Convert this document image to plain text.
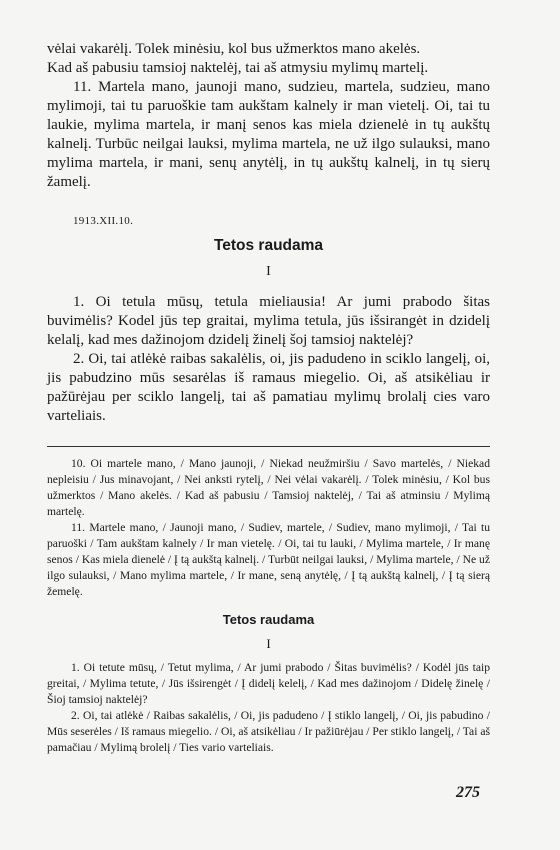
vėlai vakarėlį. Tolek minėsiu, kol bus užmerktos mano akelės.

Kad aš pabusiu tamsioj naktelėj, tai aš atmysiu mylimų martelį.

11. Martela mano, jaunoji mano, sudzieu, martela, sudzieu, mano mylimoji, tai tu paruoškie tam aukštam kalnely ir man vietelį. Oi, tai tu laukie, mylima martela, ir manį senos kas miela dzienelė in tų aukštų kalnelį. Turbūc neilgai lauksi, mylima martela, ne už ilgo sulauksi, mano mylima martela, ir mani, senų anytėlį, in tų aukštų kalnelį, in tų sierų žamelį.

1913.XII.10.

Tetos raudama
I

1. Oi tetula mūsų, tetula mieliausia! Ar jumi prabodo šitas buvimėlis? Kodel jūs tep graitai, mylima tetula, jūs išsirangėt in dzidelį kelalį, kad mes dažinojom dzidelį žinelį šoj tamsioj naktelėj?

2. Oi, tai atlėkė raibas sakalėlis, oi, jis padudeno in sciklo langelį, oi, jis pabudzino mūs sesarėlas iš ramaus miegelio. Oi, aš atsikėliau ir pažūrėjau per sciklo langelį, tai aš pamatiau mylimų brolalį cies varo varteliais.

10. Oi martele mano, / Mano jaunoji, / Niekad neužmiršiu / Savo martelės, / Niekad nepleisiu / Jus minavojant, / Nei anksti rytelį, / Nei vėlai vakarėlį. / Tolek minėsiu, / Kol bus užmerktos / Mano akelės. / Kad aš pabusiu / Tamsioj naktelėj, / Tai aš atminsiu / Mylimą martelę.

11. Martele mano, / Jaunoji mano, / Sudiev, martele, / Sudiev, mano mylimoji, / Tai tu paruoški / Tam aukštam kalnely / Ir man vietelę. / Oi, tai tu lauki, / Mylima martele, / Ir manę senos / Kas miela dienelė / Į tą aukštą kalnelį. / Turbūt neilgai lauksi, / Mylima martele, / Ne už ilgo sulauksi, / Mano mylima martele, / Ir mane, seną anytėlę, / Į tą aukštą kalnelį, / Į tą sierą žemelę.

Tetos raudama
I

1. Oi tetute mūsų, / Tetut mylima, / Ar jumi prabodo / Šitas buvimėlis? / Kodėl jūs taip greitai, / Mylima tetute, / Jūs išsirengėt / Į didelį kelelį, / Kad mes dažinojom / Didelę žinelę / Šioj tamsioj naktelėj?

2. Oi, tai atlėkė / Raibas sakalėlis, / Oi, jis padudeno / Į stiklo langelį, / Oi, jis pabudino / Mūs seserėles / Iš ramaus miegelio. / Oi, aš atsikėliau / Ir pažiūrėjau / Per stiklo langelį, / Tai aš pamačiau / Mylimą brolelį / Ties vario varteliais.

275
